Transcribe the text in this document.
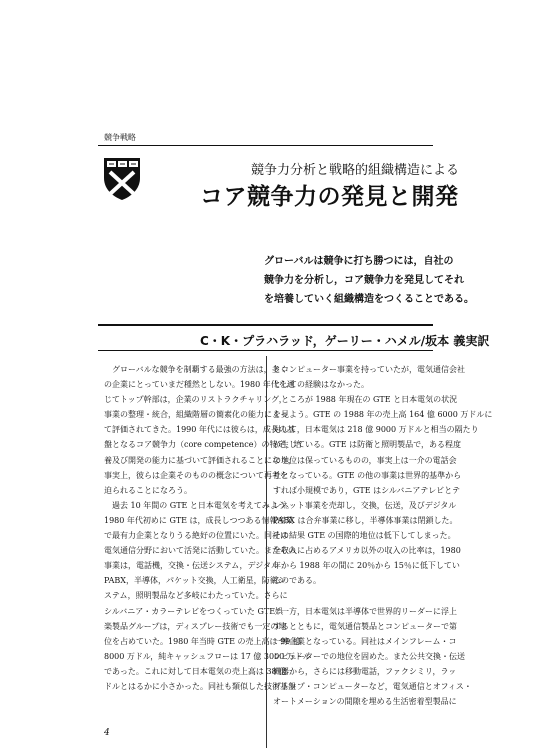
競争戦略
競争力分析と戦略的組織構造による
コア競争力の発見と開発
グローバルは競争に打ち勝つには，自社の
競争力を分析し，コア競争力を発見してそれ
を培養していく組織構造をつくることである。
C・K・プラハラッド，ゲーリー・ハメル/坂本 義実訳
　グローバルな競争を制覇する最強の方法は，多く
の企業にとっていまだ種然としない。1980 年代を通
じてトップ幹部は，企業のリストラクチャリング，
事業の整理・統合，組織階層の簡素化の能力によっ
て評価されてきた。1990 年代には彼らは，成長の基
盤となるコア競争力（core competence）の特定，培
養及び開発の能力に基づいて評価されることになり，
事実上，彼らは企業そのものの概念について再考を
迫られることになろう。
　過去 10 年間の GTE と日本電気を考えてみよう。
1980 年代初めに GTE は，成長しつつある情報産業
で最有力企業となりうる絶好の位置にいた。同社は
電気通信分野において活発に活動していた。またその
事業は，電話機，交換・伝送システム，デジタル
PABX，半導体，パケット交換，人工衛星，防衛シ
ステム，照明製品など多岐にわたっていた。さらに
シルバニア・カラーテレビをつくっていた GTE娯
楽製品グループは，ディスプレー技術でも一定の地
位を占めていた。1980 年当時 GTE の売上高は 99 億
8000 万ドル，純キャッシュフローは 17 億 3000 万ドル
であった。これに対して日本電気の売上高は 38 億
ドルとはるかに小さかった。同社も類似した技術基盤
とコンピューター事業を持っていたが，電気通信会社
としての経験はなかった。
　ところが 1988 年現在の GTE と日本電気の状況
を見よう。GTE の 1988 年の売上高 164 億 6000 万ドルに
対して，日本電気は 218 億 9000 万ドルと相当の隔たり
が生じている。GTE は防衛と照明製品で，ある程度
の地位は保っているものの，事実上は一介の電話会
社となっている。GTE の他の事業は世界的基準から
すれば小規模であり，GTE はシルバニアテレビとテ
レネット事業を売却し，交換，伝送，及びデジタル
PABX は合弁事業に移し，半導体事業は閉鎖した。
その結果 GTE の国際的地位は低下してしまった。
全収入に占めるアメリカ以外の収入の比率は，1980
年から 1988 年の間に 20％から 15％に低下してい
るのである。

　一方，日本電気は半導体で世界的リーダーに浮上
するとともに，電気通信製品とコンピューターで第
一線企業となっている。同社はメインフレーム・コ
ンピューターでの地位を固めた。また公共交換・伝送
機器から，さらには移動電話，ファクシミリ，ラッ
プトップ・コンピューターなど，電気通信とオフィス・
オートメーションの間隙を埋める生活密着型製品に
4
